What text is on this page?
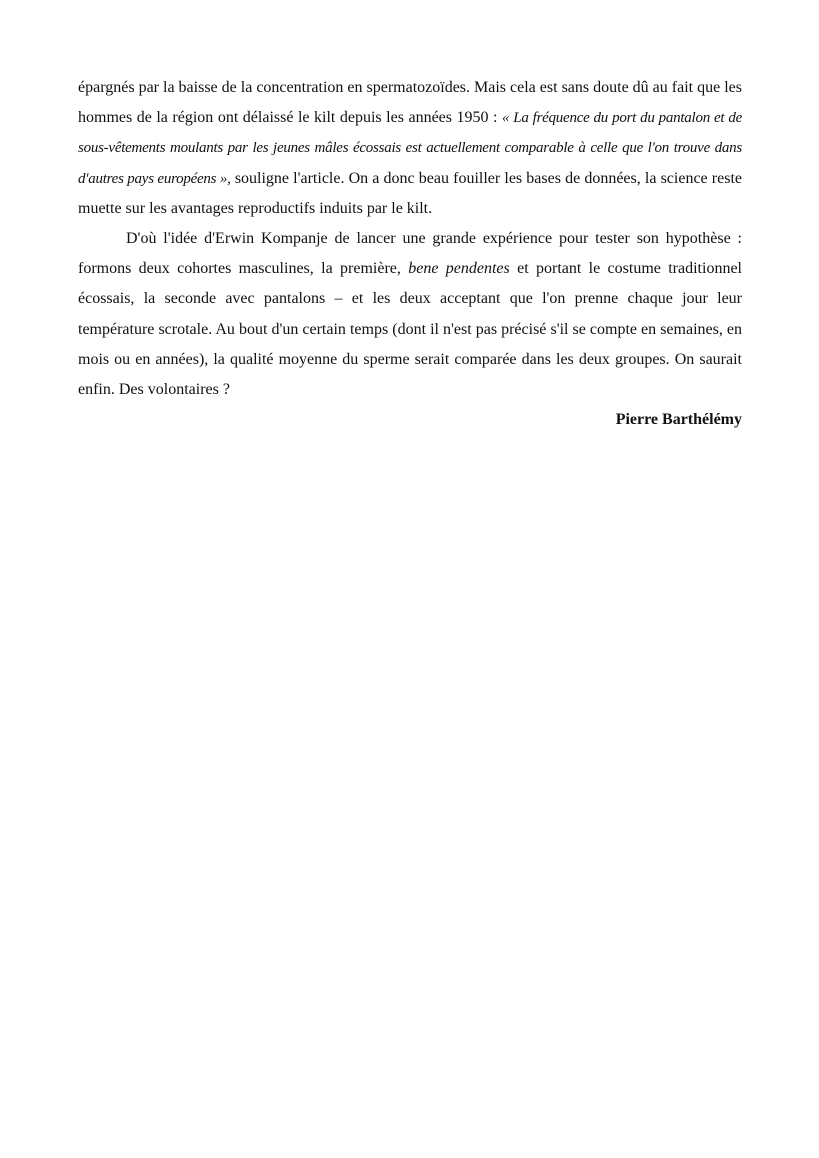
épargnés par la baisse de la concentration en spermatozoïdes. Mais cela est sans doute dû au fait que les hommes de la région ont délaissé le kilt depuis les années 1950 : « La fréquence du port du pantalon et de sous-vêtements moulants par les jeunes mâles écossais est actuellement comparable à celle que l'on trouve dans d'autres pays européens », souligne l'article. On a donc beau fouiller les bases de données, la science reste muette sur les avantages reproductifs induits par le kilt.

D'où l'idée d'Erwin Kompanje de lancer une grande expérience pour tester son hypothèse : formons deux cohortes masculines, la première, bene pendentes et portant le costume traditionnel écossais, la seconde avec pantalons – et les deux acceptant que l'on prenne chaque jour leur température scrotale. Au bout d'un certain temps (dont il n'est pas précisé s'il se compte en semaines, en mois ou en années), la qualité moyenne du sperme serait comparée dans les deux groupes. On saurait enfin. Des volontaires ?

Pierre Barthélémy
